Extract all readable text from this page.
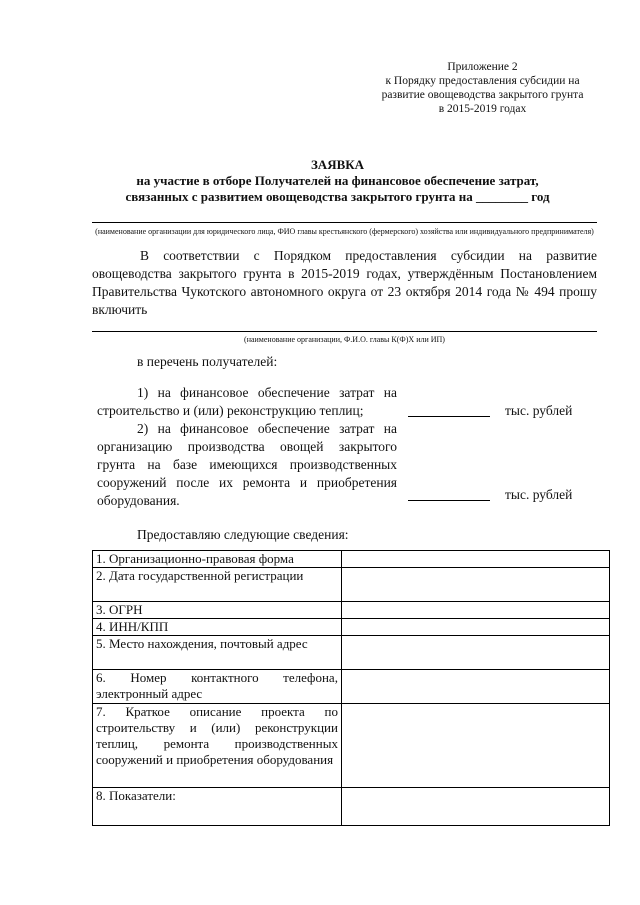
Приложение 2
к Порядку предоставления субсидии на
развитие овощеводства закрытого грунта
в 2015-2019 годах
ЗАЯВКА
на участие в отборе Получателей на финансовое обеспечение затрат,
связанных с развитием овощеводства закрытого грунта на ________ год
(наименование организации для юридического лица, ФИО главы крестьянского (фермерского) хозяйства или индивидуального предпринимателя)
В соответствии с Порядком предоставления субсидии на развитие овощеводства закрытого грунта в 2015-2019 годах, утверждённым Постановлением Правительства Чукотского автономного округа от 23 октября 2014 года № 494 прошу включить
(наименование организации, Ф.И.О. главы К(Ф)Х или ИП)
в перечень получателей:
1) на финансовое обеспечение затрат на строительство и (или) реконструкцию теплиц;	тыс. рублей
2) на финансовое обеспечение затрат на организацию производства овощей закрытого грунта на базе имеющихся производственных сооружений после их ремонта и приобретения оборудования.	тыс. рублей
Предоставляю следующие сведения:
1. Организационно-правовая форма	
2. Дата государственной регистрации	
3. ОГРН	
4. ИНН/КПП	
5. Место нахождения, почтовый адрес	
6. Номер контактного телефона, электронный адрес	
7. Краткое описание проекта по строительству и (или) реконструкции теплиц, ремонта производственных сооружений и приобретения оборудования	
8. Показатели:	
